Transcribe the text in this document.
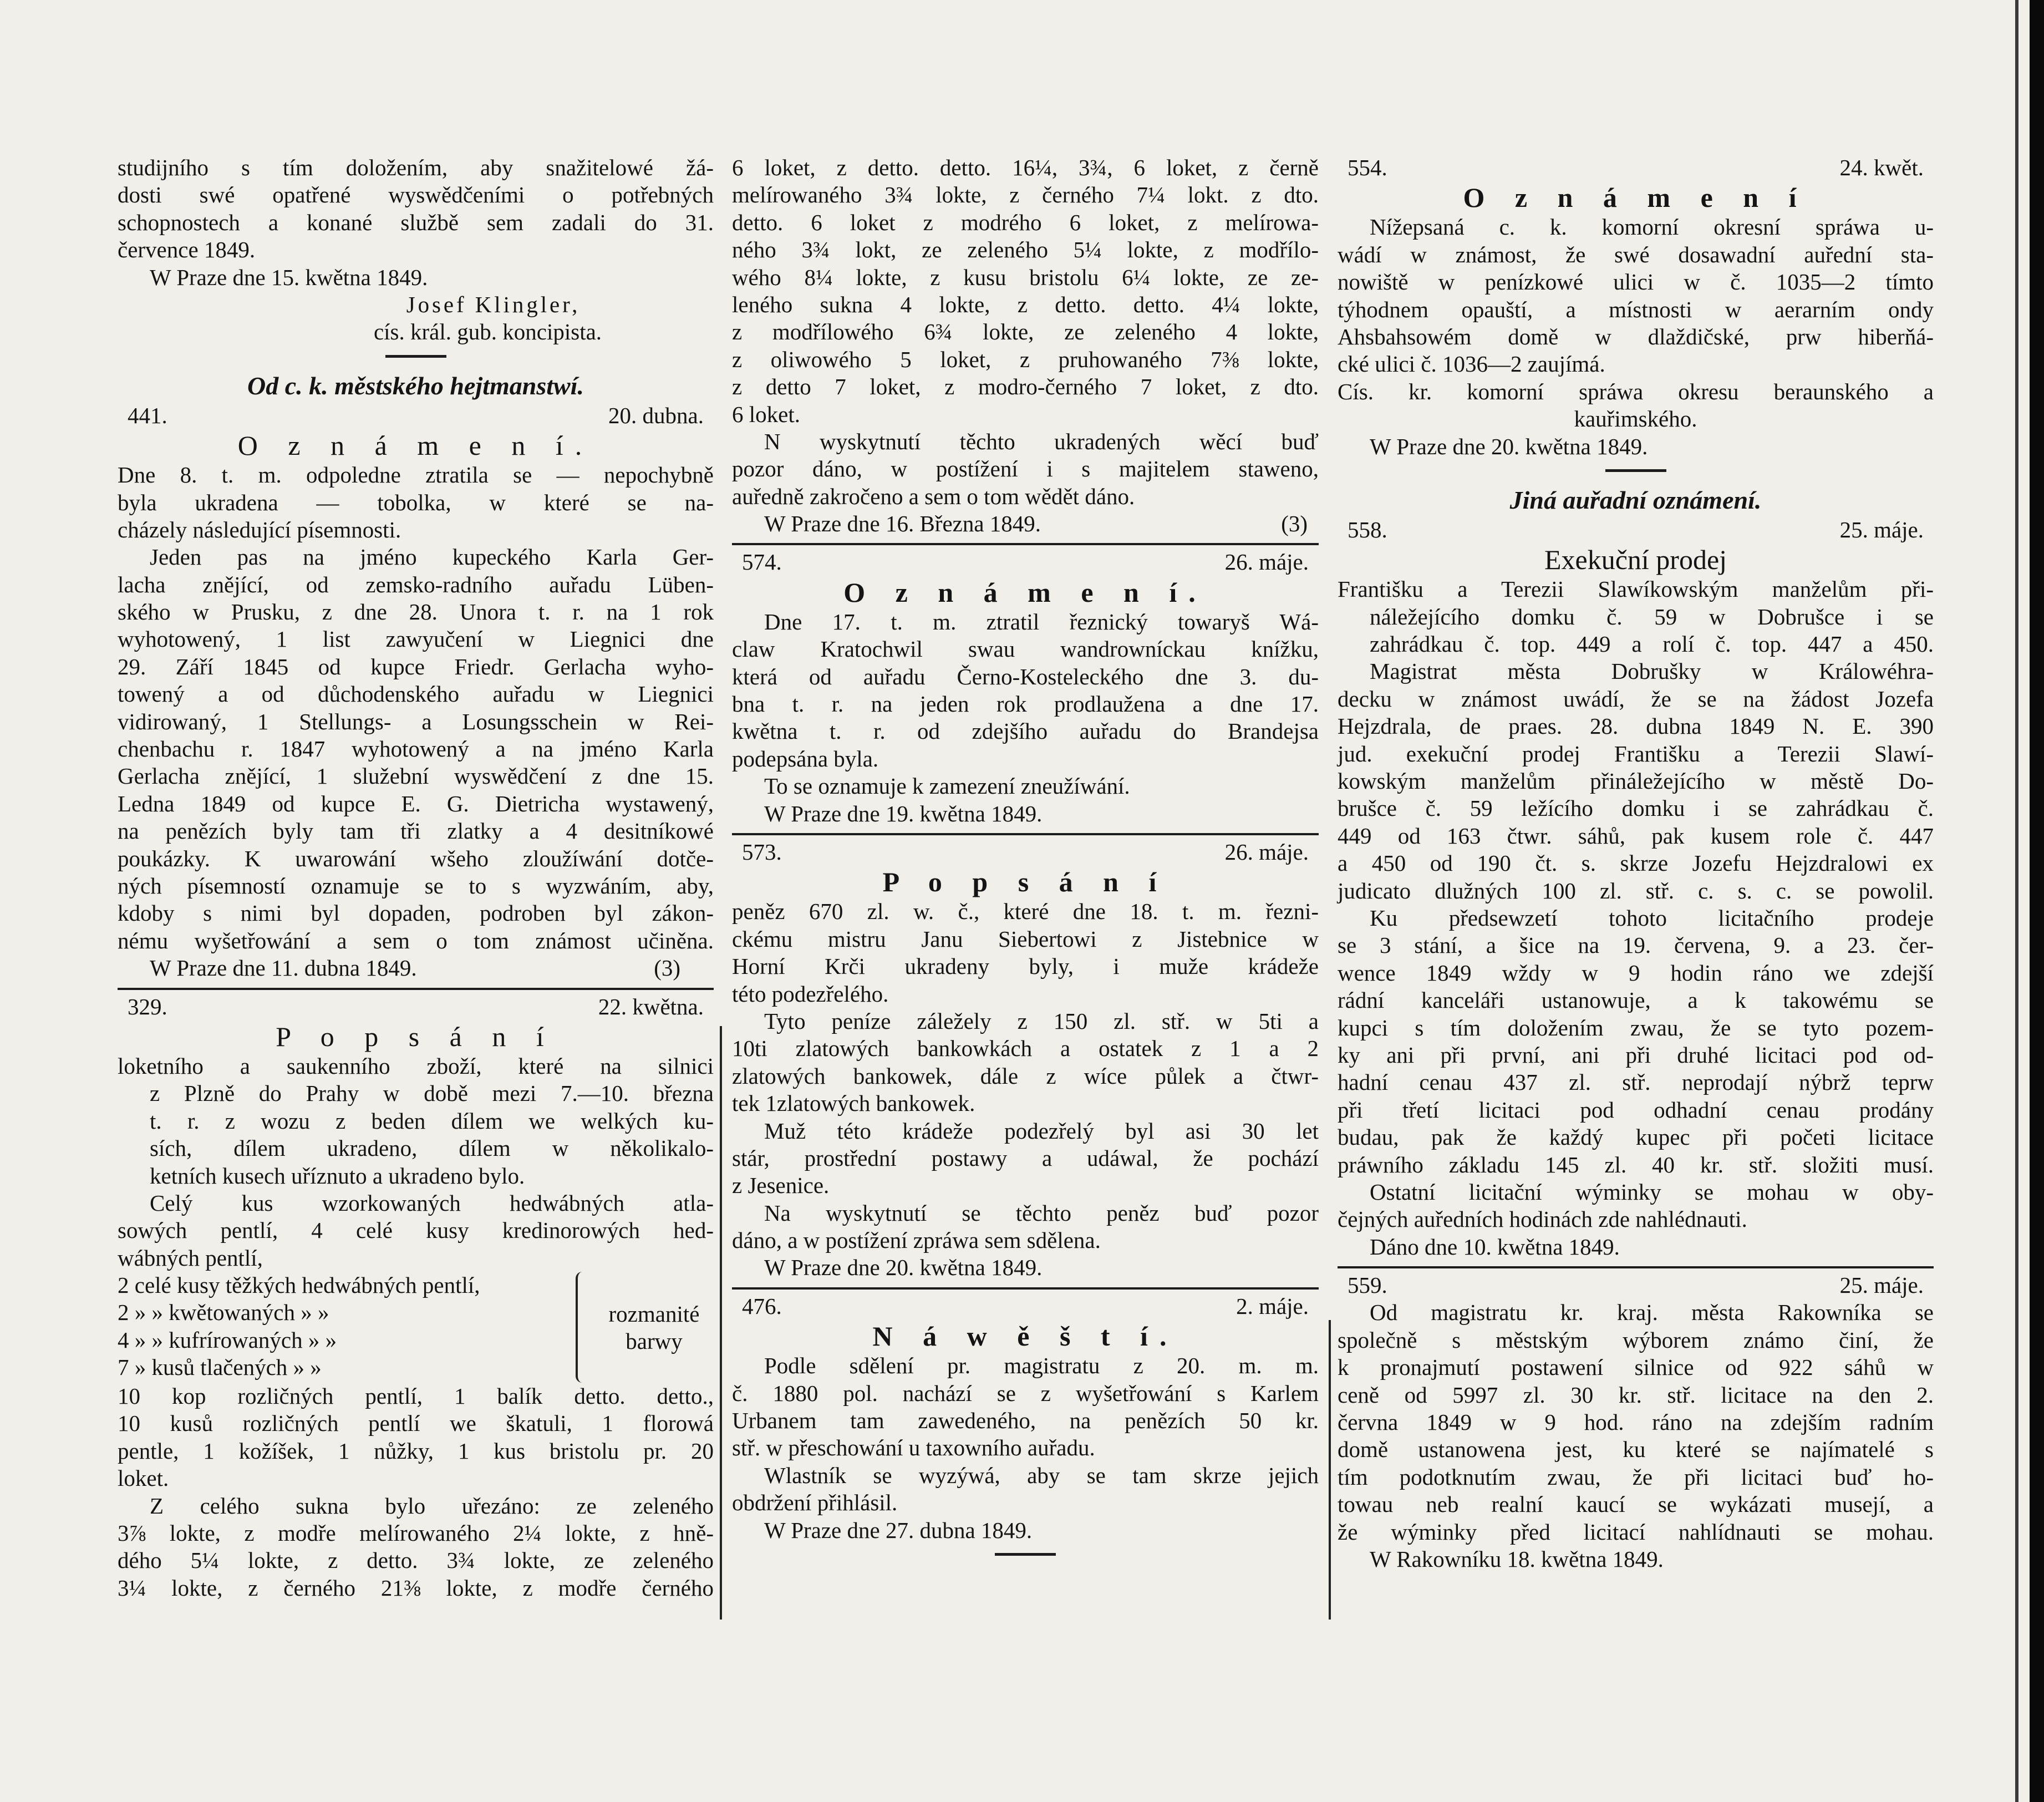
studijního s tím doložením, aby snažitelowé žá-
dosti swé opatřené wyswědčeními o potřebných
schopnostech a konané službě sem zadali do 31.
července 1849.
W Praze dne 15. kwětna 1849.
Josef Klingler,
cís. král. gub. koncipista.
Od c. k. městského hejtmanstwí.
441.	20. dubna.
O z n á m e n í.
Dne 8. t. m. odpoledne ztratila se — nepochybně
byla ukradena — tobolka, w které se na-
cházely následující písemnosti.
Jeden pas na jméno kupeckého Karla Ger-
lacha znějící, od zemsko-radního auřadu Lüben-
ského w Prusku, z dne 28. Unora t. r. na 1 rok
wyhotowený, 1 list zawyučení w Liegnici dne
29. Září 1845 od kupce Friedr. Gerlacha wyho-
towený a od důchodenského auřadu w Liegnici
vidirowaný, 1 Stellungs- a Losungsschein w Rei-
chenbachu r. 1847 wyhotowený a na jméno Karla
Gerlacha znějící, 1 služební wyswědčení z dne 15.
Ledna 1849 od kupce E. G. Dietricha wystawený,
na penězích byly tam tři zlatky a 4 desitníkowé
poukázky. K uwarowání wšeho zloužíwání dotče-
ných písemností oznamuje se to s wyzwáním, aby,
kdoby s nimi byl dopaden, podroben byl zákon-
nému wyšetřowání a sem o tom známost učiněna.
W Praze dne 11. dubna 1849.	(3)
329.	22. kwětna.
P o p s á n í
loketního a saukenního zboží, které na silnici
z Plzně do Prahy w době mezi 7.—10. března
t. r. z wozu z beden dílem we welkých ku-
sích, dílem ukradeno, dílem w několikalo-
ketních kusech uříznuto a ukradeno bylo.
Celý kus wzorkowaných hedwábných atla-
sowých pentlí, 4 celé kusy kredinorowých hed-
wábných pentlí,
2 celé kusy těžkých hedwábných pentlí,
2 » » kwětowaných » »
4 » » kufrírowaných » »
7 » kusů tlačených » »
rozmanité
barwy
10 kop rozličných pentlí, 1 balík detto. detto.,
10 kusů rozličných pentlí we škatuli, 1 florowá
pentle, 1 kožíšek, 1 nůžky, 1 kus bristolu pr. 20
loket.
Z celého sukna bylo uřezáno: ze zeleného
3⅞ lokte, z modře melírowaného 2¼ lokte, z hně-
dého 5¼ lokte, z detto. 3¾ lokte, ze zeleného
3¼ lokte, z černého 21⅜ lokte, z modře černého
6 loket, z detto. detto. 16¼, 3¾, 6 loket, z černě
melírowaného 3¾ lokte, z černého 7¼ lokt. z dto.
detto. 6 loket z modrého 6 loket, z melírowa-
ného 3¾ lokt, ze zeleného 5¼ lokte, z modřílo-
wého 8¼ lokte, z kusu bristolu 6¼ lokte, ze ze-
leného sukna 4 lokte, z detto. detto. 4¼ lokte,
z modřílowého 6¾ lokte, ze zeleného 4 lokte,
z oliwowého 5 loket, z pruhowaného 7⅜ lokte,
z detto 7 loket, z modro-černého 7 loket, z dto.
6 loket.
N wyskytnutí těchto ukradených wěcí buď
pozor dáno, w postížení i s majitelem staweno,
auředně zakročeno a sem o tom wědět dáno.
W Praze dne 16. Března 1849.	(3)
574.	26. máje.
O z n á m e n í.
Dne 17. t. m. ztratil řeznický towaryš Wá-
claw Kratochwil swau wandrowníckau knížku,
která od auřadu Černo-Kosteleckého dne 3. du-
bna t. r. na jeden rok prodlaužena a dne 17.
kwětna t. r. od zdejšího auřadu do Brandejsa
podepsána byla.
To se oznamuje k zamezení zneužíwání.
W Praze dne 19. kwětna 1849.
573.	26. máje.
P o p s á n í
peněz 670 zl. w. č., které dne 18. t. m. řezni-
ckému mistru Janu Siebertowi z Jistebnice w
Horní Krči ukradeny byly, i muže krádeže
této podezřelého.
Tyto peníze záležely z 150 zl. stř. w 5ti a
10ti zlatowých bankowkách a ostatek z 1 a 2
zlatowých bankowek, dále z wíce půlek a čtwr-
tek 1zlatowých bankowek.
Muž této krádeže podezřelý byl asi 30 let
stár, prostřední postawy a udáwal, že pochází
z Jesenice.
Na wyskytnutí se těchto peněz buď pozor
dáno, a w postížení zpráwa sem sdělena.
W Praze dne 20. kwětna 1849.
476.	2. máje.
N á w ě š t í.
Podle sdělení pr. magistratu z 20. m. m.
č. 1880 pol. nachází se z wyšetřowání s Karlem
Urbanem tam zawedeného, na penězích 50 kr.
stř. w přeschowání u taxowního auřadu.
Wlastník se wyzýwá, aby se tam skrze jejich
obdržení přihlásil.
W Praze dne 27. dubna 1849.
554.	24. kwět.
O z n á m e n í
Nížepsaná c. k. komorní okresní spráwa u-
wádí w známost, že swé dosawadní auřední sta-
nowiště w penízkowé ulici w č. 1035—2 tímto
týhodnem opauští, a místnosti w aerarním ondy
Ahsbahsowém domě w dlaždičské, prw hiberňá-
cké ulici č. 1036—2 zaujímá.
Cís. kr. komorní spráwa okresu beraunského a
kauřimského.
W Praze dne 20. kwětna 1849.
Jiná auřadní oznámení.
558.	25. máje.
Exekuční prodej
Františku a Terezii Slawíkowským manželům při-
náležejícího domku č. 59 w Dobrušce i se
zahrádkau č. top. 449 a rolí č. top. 447 a 450.
Magistrat města Dobrušky w Králowéhra-
decku w známost uwádí, že se na žádost Jozefa
Hejzdrala, de praes. 28. dubna 1849 N. E. 390
jud. exekuční prodej Františku a Terezii Slawí-
kowským manželům přináležejícího w městě Do-
brušce č. 59 ležícího domku i se zahrádkau č.
449 od 163 čtwr. sáhů, pak kusem role č. 447
a 450 od 190 čt. s. skrze Jozefu Hejzdralowi ex
judicato dlužných 100 zl. stř. c. s. c. se powolil.
Ku předsewzetí tohoto licitačního prodeje
se 3 stání, a šice na 19. červena, 9. a 23. čer-
wence 1849 wždy w 9 hodin ráno we zdejší
rádní kanceláři ustanowuje, a k takowému se
kupci s tím doložením zwau, že se tyto pozem-
ky ani při první, ani při druhé licitaci pod od-
hadní cenau 437 zl. stř. neprodají nýbrž teprw
při třetí licitaci pod odhadní cenau prodány
budau, pak že každý kupec při početi licitace
práwního základu 145 zl. 40 kr. stř. složiti musí.
Ostatní licitační wýminky se mohau w oby-
čejných auředních hodinách zde nahlédnauti.
Dáno dne 10. kwětna 1849.
559.	25. máje.
Od magistratu kr. kraj. města Rakowníka se
společně s městským wýborem známo činí, že
k pronajmutí postawení silnice od 922 sáhů w
ceně od 5997 zl. 30 kr. stř. licitace na den 2.
června 1849 w 9 hod. ráno na zdejším radním
domě ustanowena jest, ku které se najímatelé s
tím podotknutím zwau, že při licitaci buď ho-
towau neb realní kaucí se wykázati musejí, a
že wýminky před licitací nahlídnauti se mohau.
W Rakowníku 18. kwětna 1849.
